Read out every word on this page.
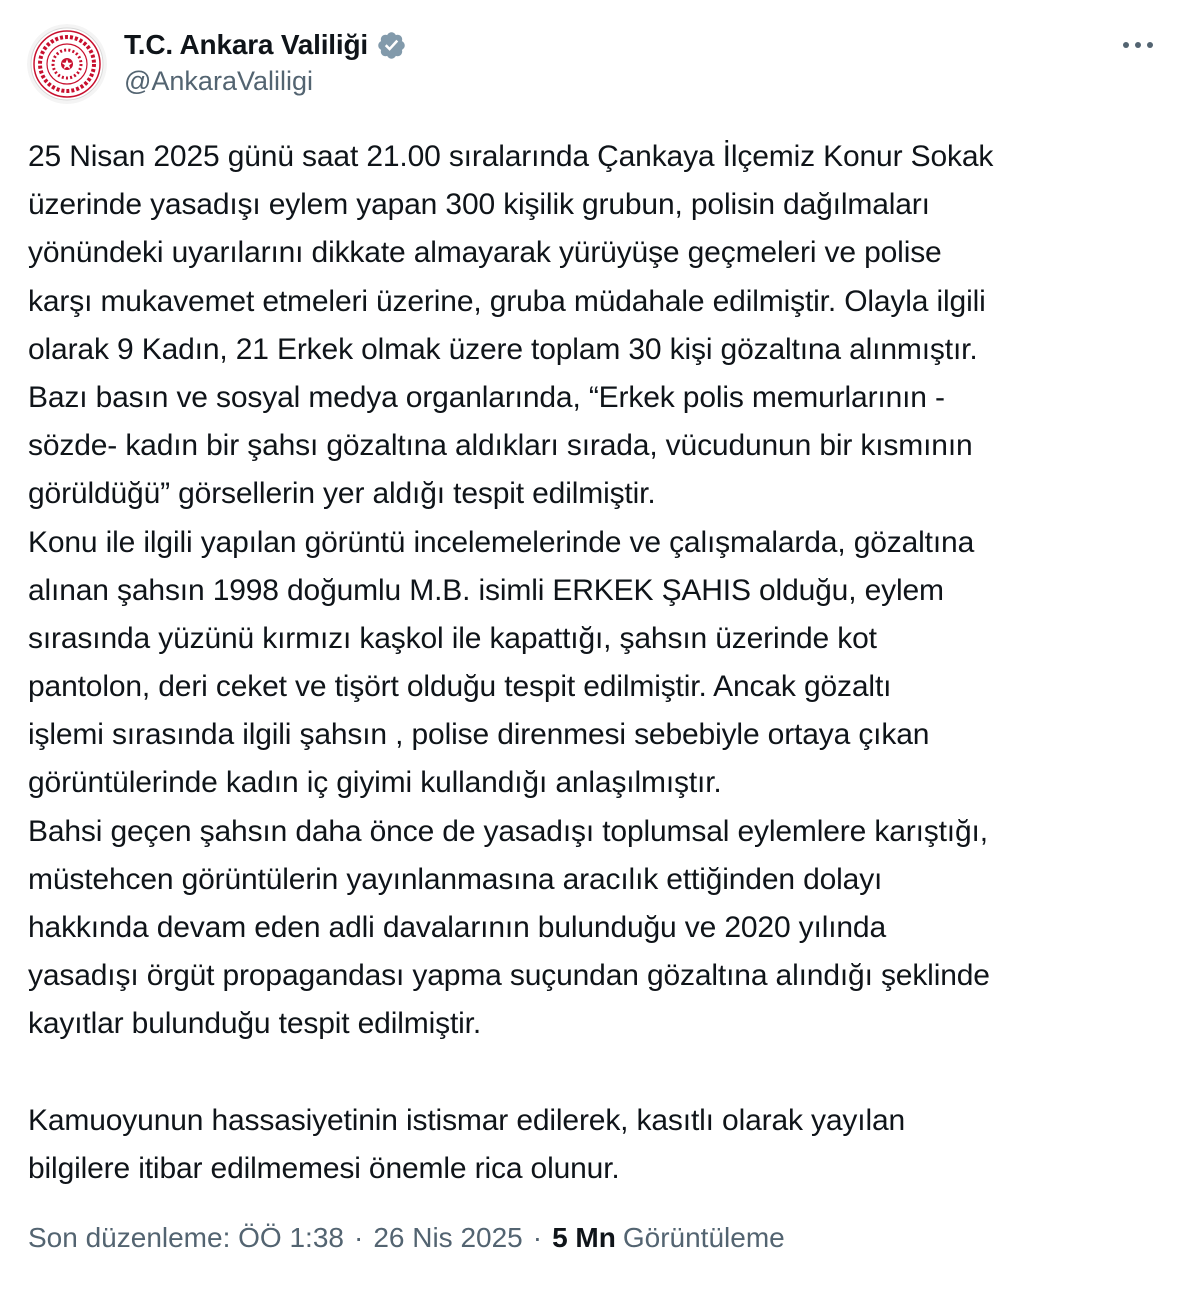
T.C. Ankara Valiliği
@AnkaraValiligi
25 Nisan 2025 günü saat 21.00 sıralarında Çankaya İlçemiz Konur Sokak
üzerinde yasadışı eylem yapan 300 kişilik grubun, polisin dağılmaları
yönündeki uyarılarını dikkate almayarak yürüyüşe geçmeleri ve polise
karşı mukavemet etmeleri üzerine, gruba müdahale edilmiştir. Olayla ilgili
olarak 9 Kadın, 21 Erkek olmak üzere toplam 30 kişi gözaltına alınmıştır.
Bazı basın ve sosyal medya organlarında, “Erkek polis memurlarının -
sözde- kadın bir şahsı gözaltına aldıkları sırada, vücudunun bir kısmının
görüldüğü” görsellerin yer aldığı tespit edilmiştir.
Konu ile ilgili yapılan görüntü incelemelerinde ve çalışmalarda, gözaltına
alınan şahsın 1998 doğumlu M.B. isimli ERKEK ŞAHIS olduğu, eylem
sırasında yüzünü kırmızı kaşkol ile kapattığı, şahsın üzerinde kot
pantolon, deri ceket ve tişört olduğu tespit edilmiştir. Ancak gözaltı
işlemi sırasında ilgili şahsın , polise direnmesi sebebiyle ortaya çıkan
görüntülerinde kadın iç giyimi kullandığı anlaşılmıştır.
Bahsi geçen şahsın daha önce de yasadışı toplumsal eylemlere karıştığı,
müstehcen görüntülerin yayınlanmasına aracılık ettiğinden dolayı
hakkında devam eden adli davalarının bulunduğu ve 2020 yılında
yasadışı örgüt propagandası yapma suçundan gözaltına alındığı şeklinde
kayıtlar bulunduğu tespit edilmiştir.
Kamuoyunun hassasiyetinin istismar edilerek, kasıtlı olarak yayılan
bilgilere itibar edilmemesi önemle rica olunur.
Son düzenleme: ÖÖ 1:38 · 26 Nis 2025 · 5 Mn Görüntüleme
